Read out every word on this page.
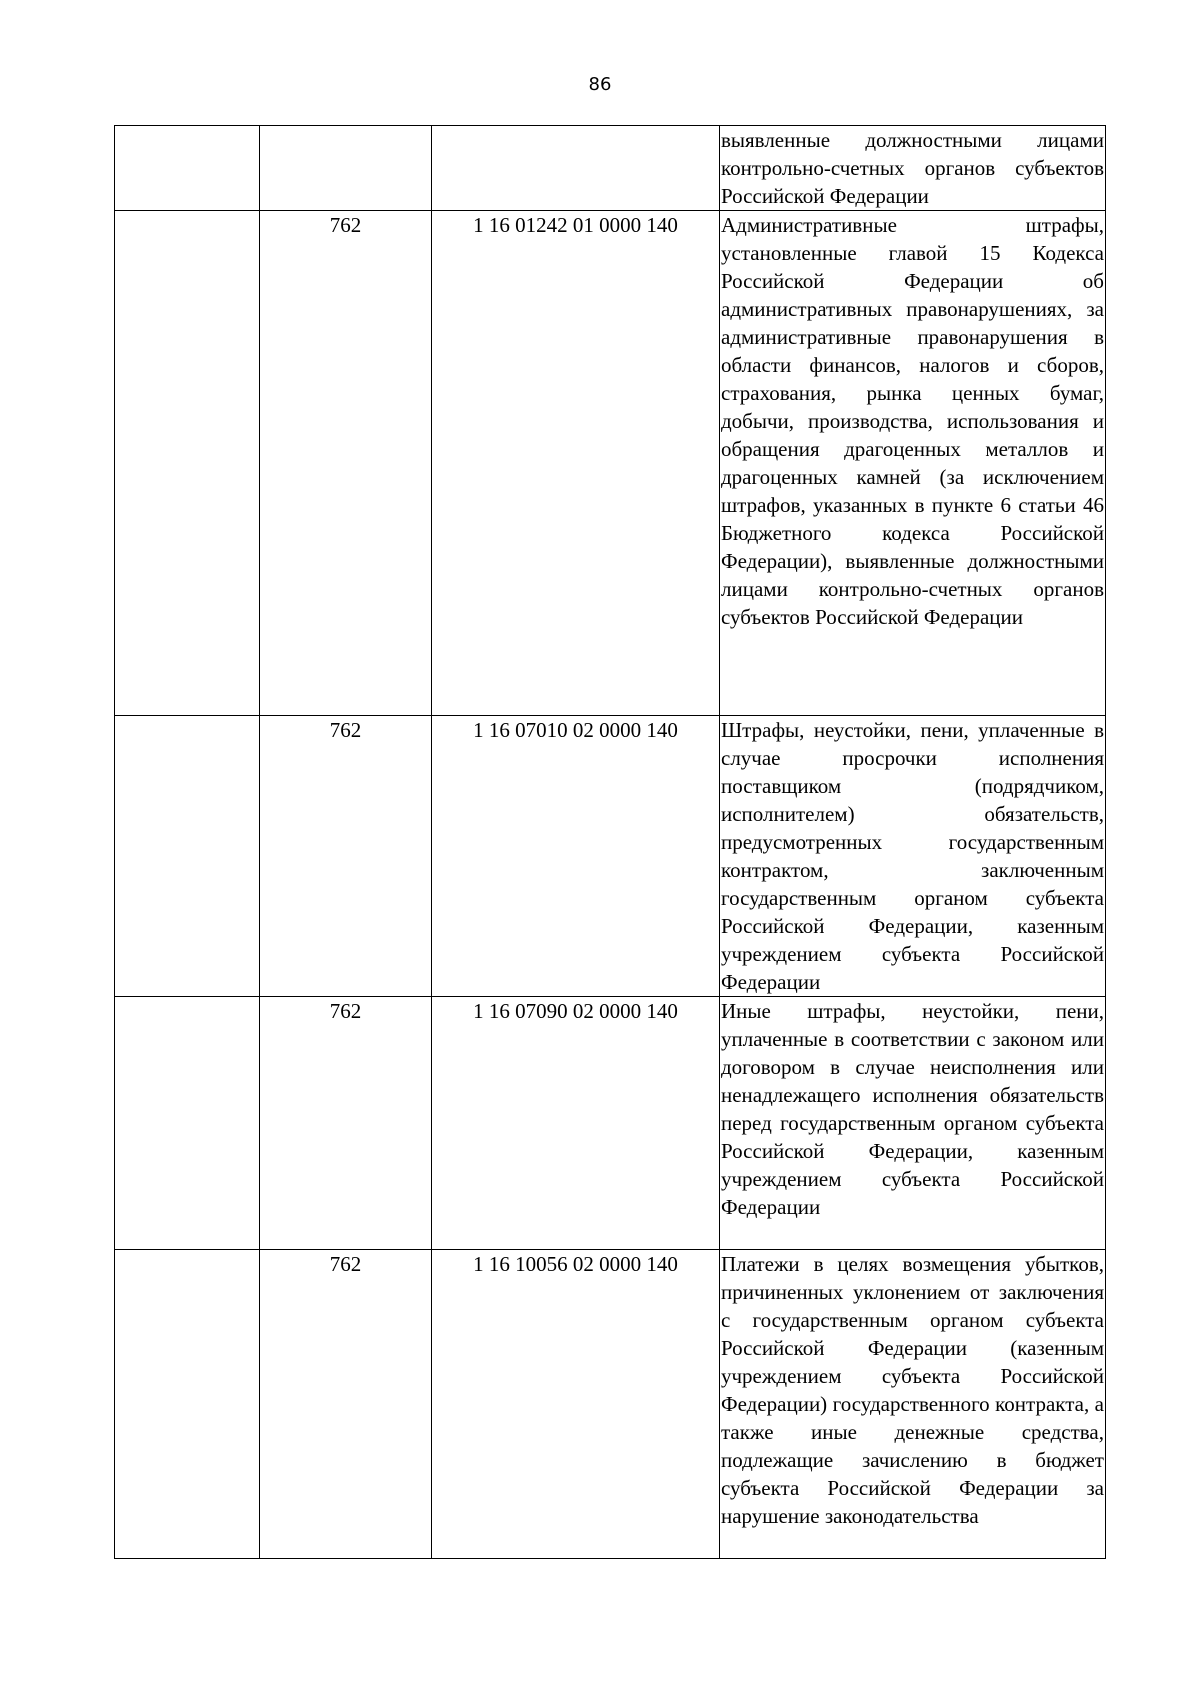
86
			выявленные должностными лицами контрольно-счетных органов субъектов Российской Федерации
	762	1 16 01242 01 0000 140	Административные штрафы, установленные главой 15 Кодекса Российской Федерации об административных правонарушениях, за административные правонарушения в области финансов, налогов и сборов, страхования, рынка ценных бумаг, добычи, производства, использования и обращения драгоценных металлов и драгоценных камней (за исключением штрафов, указанных в пункте 6 статьи 46 Бюджетного кодекса Российской Федерации), выявленные должностными лицами контрольно-счетных органов субъектов Российской Федерации
	762	1 16 07010 02 0000 140	Штрафы, неустойки, пени, уплаченные в случае просрочки исполнения поставщиком (подрядчиком, исполнителем) обязательств, предусмотренных государственным контрактом, заключенным государственным органом субъекта Российской Федерации, казенным учреждением субъекта Российской Федерации
	762	1 16 07090 02 0000 140	Иные штрафы, неустойки, пени, уплаченные в соответствии с законом или договором в случае неисполнения или ненадлежащего исполнения обязательств перед государственным органом субъекта Российской Федерации, казенным учреждением субъекта Российской Федерации
	762	1 16 10056 02 0000 140	Платежи в целях возмещения убытков, причиненных уклонением от заключения с государственным органом субъекта Российской Федерации (казенным учреждением субъекта Российской Федерации) государственного контракта, а также иные денежные средства, подлежащие зачислению в бюджет субъекта Российской Федерации за нарушение законодательства
